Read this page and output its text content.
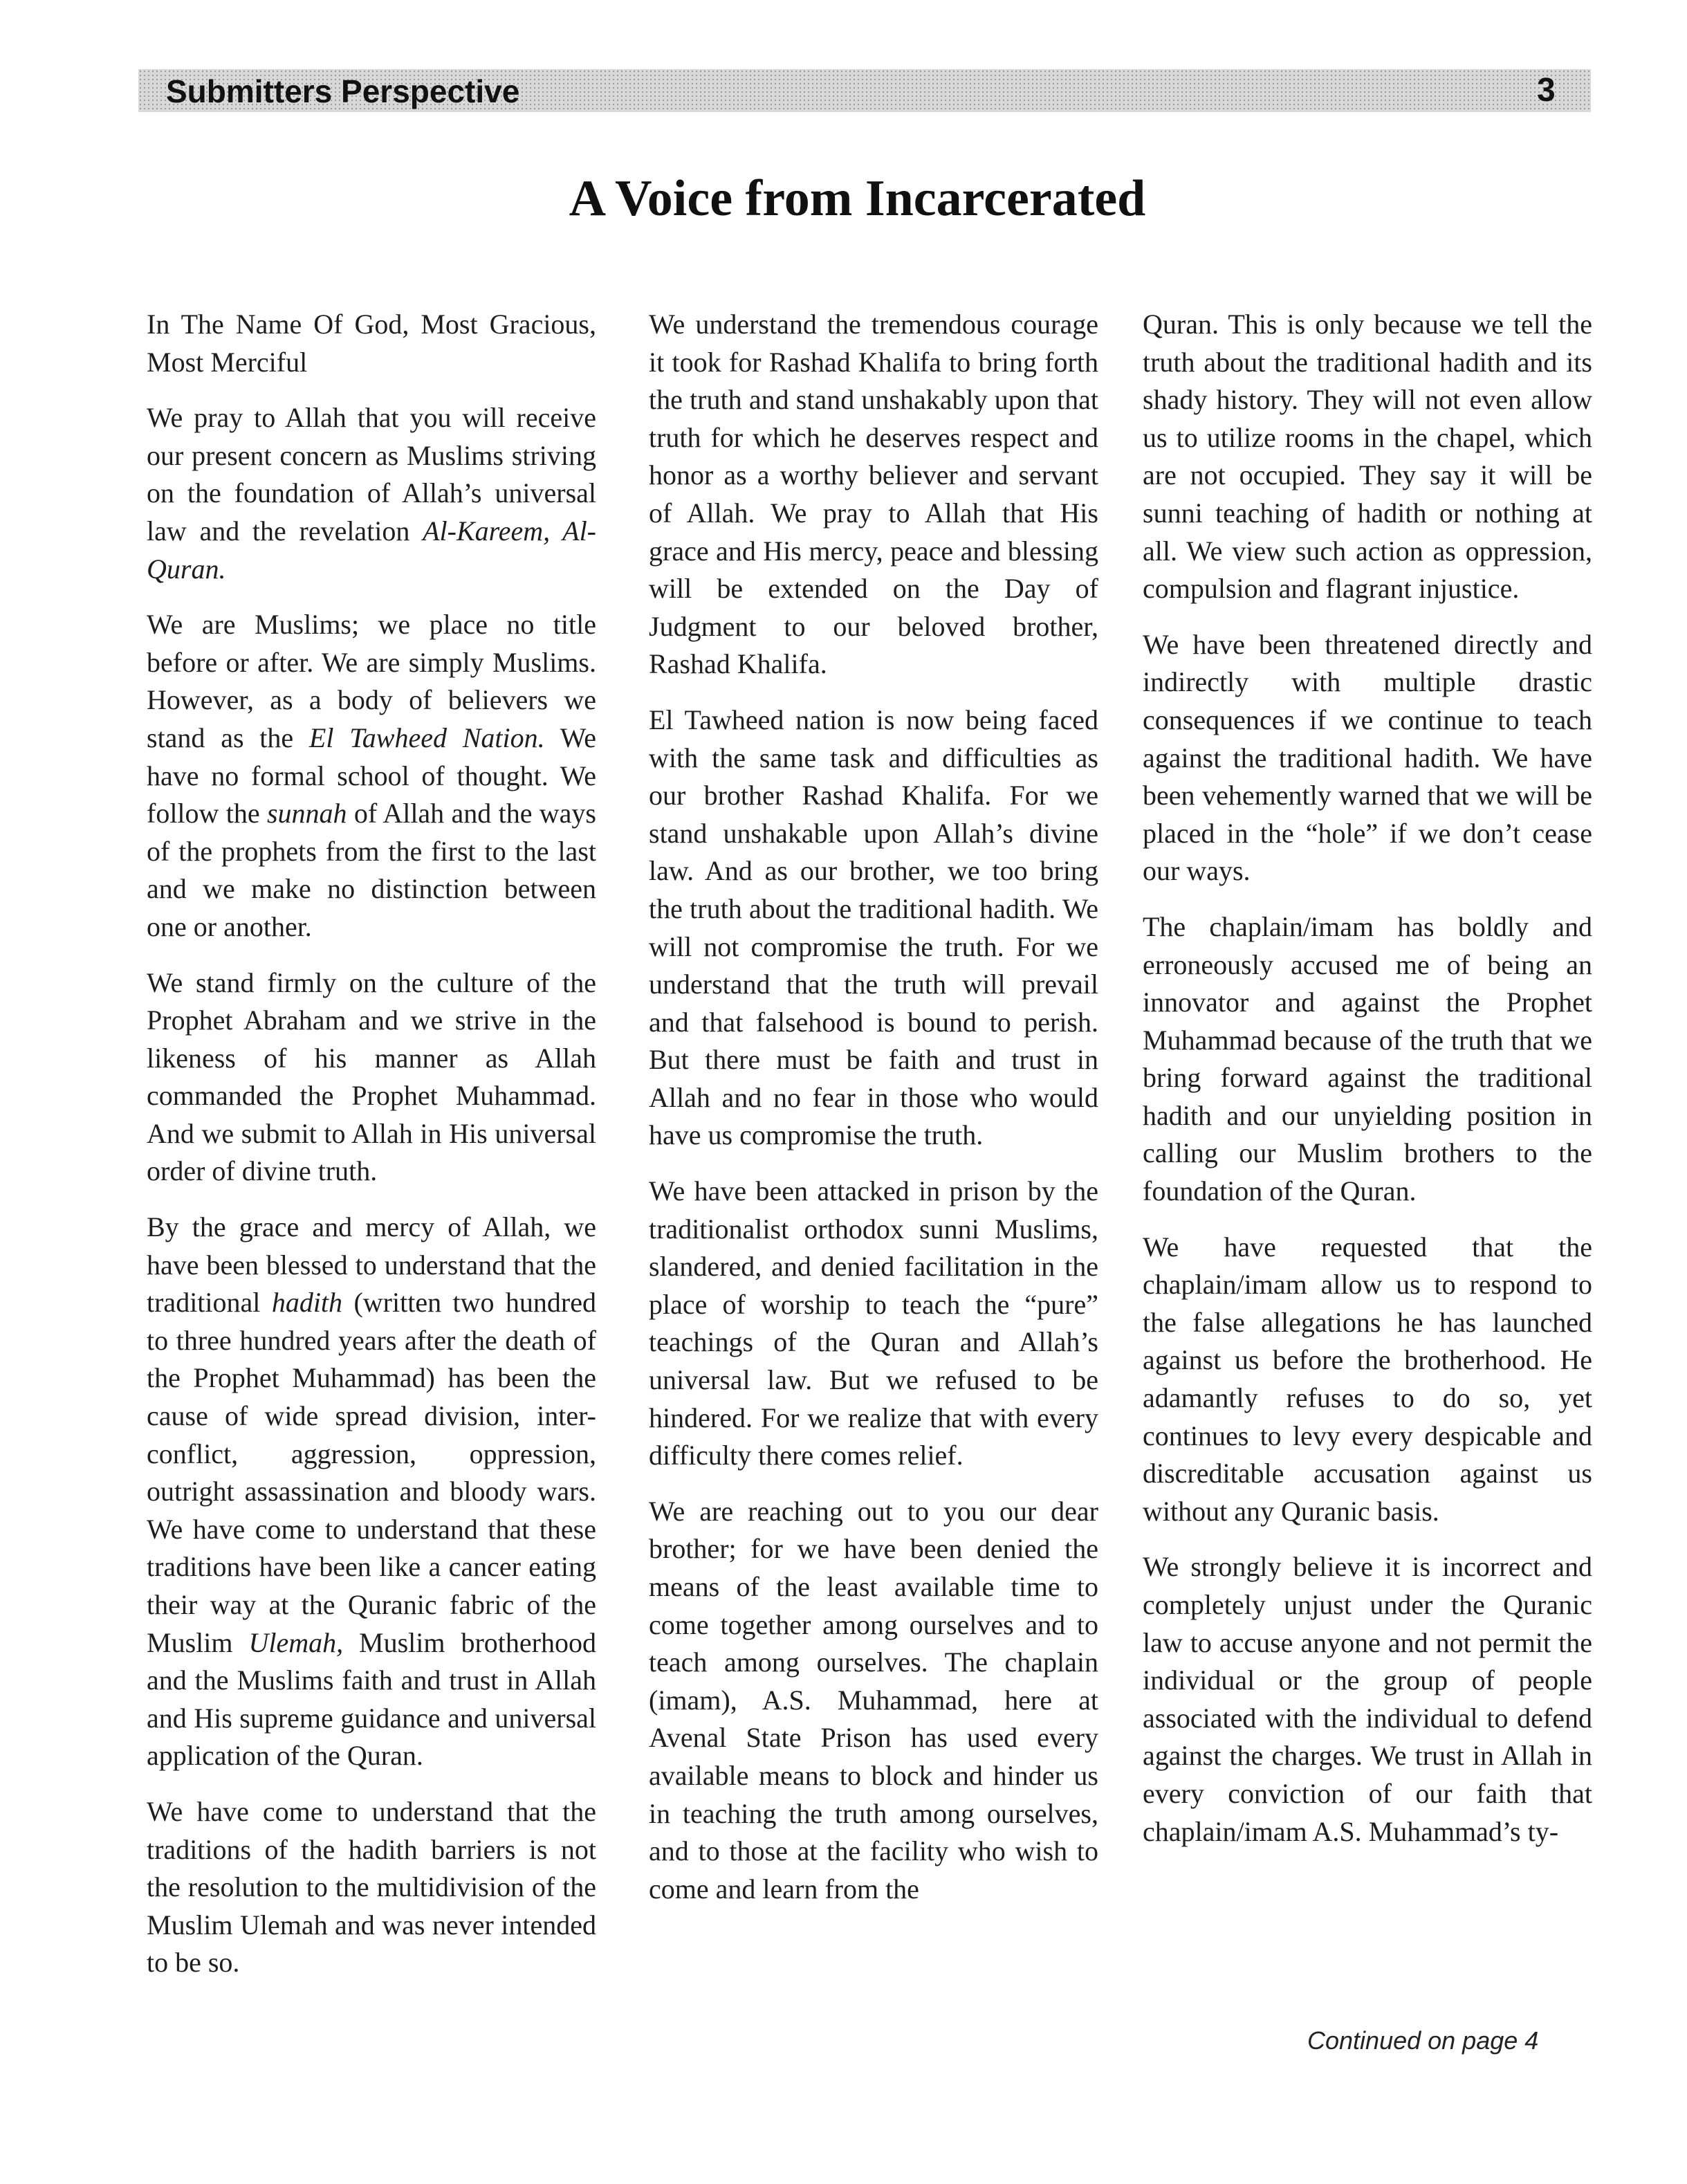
Submitters Perspective	3
A Voice from Incarcerated

In The Name Of God, Most Gracious, Most Merciful

We pray to Allah that you will receive our present concern as Muslims striving on the foundation of Allah’s universal law and the revelation Al-Kareem, Al-Quran.

We are Muslims; we place no title before or after. We are simply Muslims. However, as a body of believers we stand as the El Tawheed Nation. We have no formal school of thought. We follow the sunnah of Allah and the ways of the prophets from the first to the last and we make no distinction between one or another.

We stand firmly on the culture of the Prophet Abraham and we strive in the likeness of his manner as Allah commanded the Prophet Muhammad. And we submit to Allah in His universal order of divine truth.

By the grace and mercy of Allah, we have been blessed to understand that the traditional hadith (written two hundred to three hundred years after the death of the Prophet Muhammad) has been the cause of wide spread division, inter-conflict, aggression, oppression, outright assassination and bloody wars. We have come to understand that these traditions have been like a cancer eating their way at the Quranic fabric of the Muslim Ulemah, Muslim brotherhood and the Muslims faith and trust in Allah and His supreme guidance and universal application of the Quran.

We have come to understand that the traditions of the hadith barriers is not the resolution to the multidivision of the Muslim Ulemah and was never intended to be so.

We understand the tremendous courage it took for Rashad Khalifa to bring forth the truth and stand unshakably upon that truth for which he deserves respect and honor as a worthy believer and servant of Allah. We pray to Allah that His grace and His mercy, peace and blessing will be extended on the Day of Judgment to our beloved brother, Rashad Khalifa.

El Tawheed nation is now being faced with the same task and difficulties as our brother Rashad Khalifa. For we stand unshakable upon Allah’s divine law. And as our brother, we too bring the truth about the traditional hadith. We will not compromise the truth. For we understand that the truth will prevail and that falsehood is bound to perish. But there must be faith and trust in Allah and no fear in those who would have us compromise the truth.

We have been attacked in prison by the traditionalist orthodox sunni Muslims, slandered, and denied facilitation in the place of worship to teach the “pure” teachings of the Quran and Allah’s universal law. But we refused to be hindered. For we realize that with every difficulty there comes relief.

We are reaching out to you our dear brother; for we have been denied the means of the least available time to come together among ourselves and to teach among ourselves. The chaplain (imam), A.S. Muhammad, here at Avenal State Prison has used every available means to block and hinder us in teaching the truth among ourselves, and to those at the facility who wish to come and learn from the

Quran. This is only because we tell the truth about the traditional hadith and its shady history. They will not even allow us to utilize rooms in the chapel, which are not occupied. They say it will be sunni teaching of hadith or nothing at all. We view such action as oppression, compulsion and flagrant injustice.

We have been threatened directly and indirectly with multiple drastic consequences if we continue to teach against the traditional hadith. We have been vehemently warned that we will be placed in the “hole” if we don’t cease our ways.

The chaplain/imam has boldly and erroneously accused me of being an innovator and against the Prophet Muhammad because of the truth that we bring forward against the traditional hadith and our unyielding position in calling our Muslim brothers to the foundation of the Quran.

We have requested that the chaplain/imam allow us to respond to the false allegations he has launched against us before the brotherhood. He adamantly refuses to do so, yet continues to levy every despicable and discreditable accusation against us without any Quranic basis.

We strongly believe it is incorrect and completely unjust under the Quranic law to accuse anyone and not permit the individual or the group of people associated with the individual to defend against the charges. We trust in Allah in every conviction of our faith that chaplain/imam A.S. Muhammad’s ty-

Continued on page 4
